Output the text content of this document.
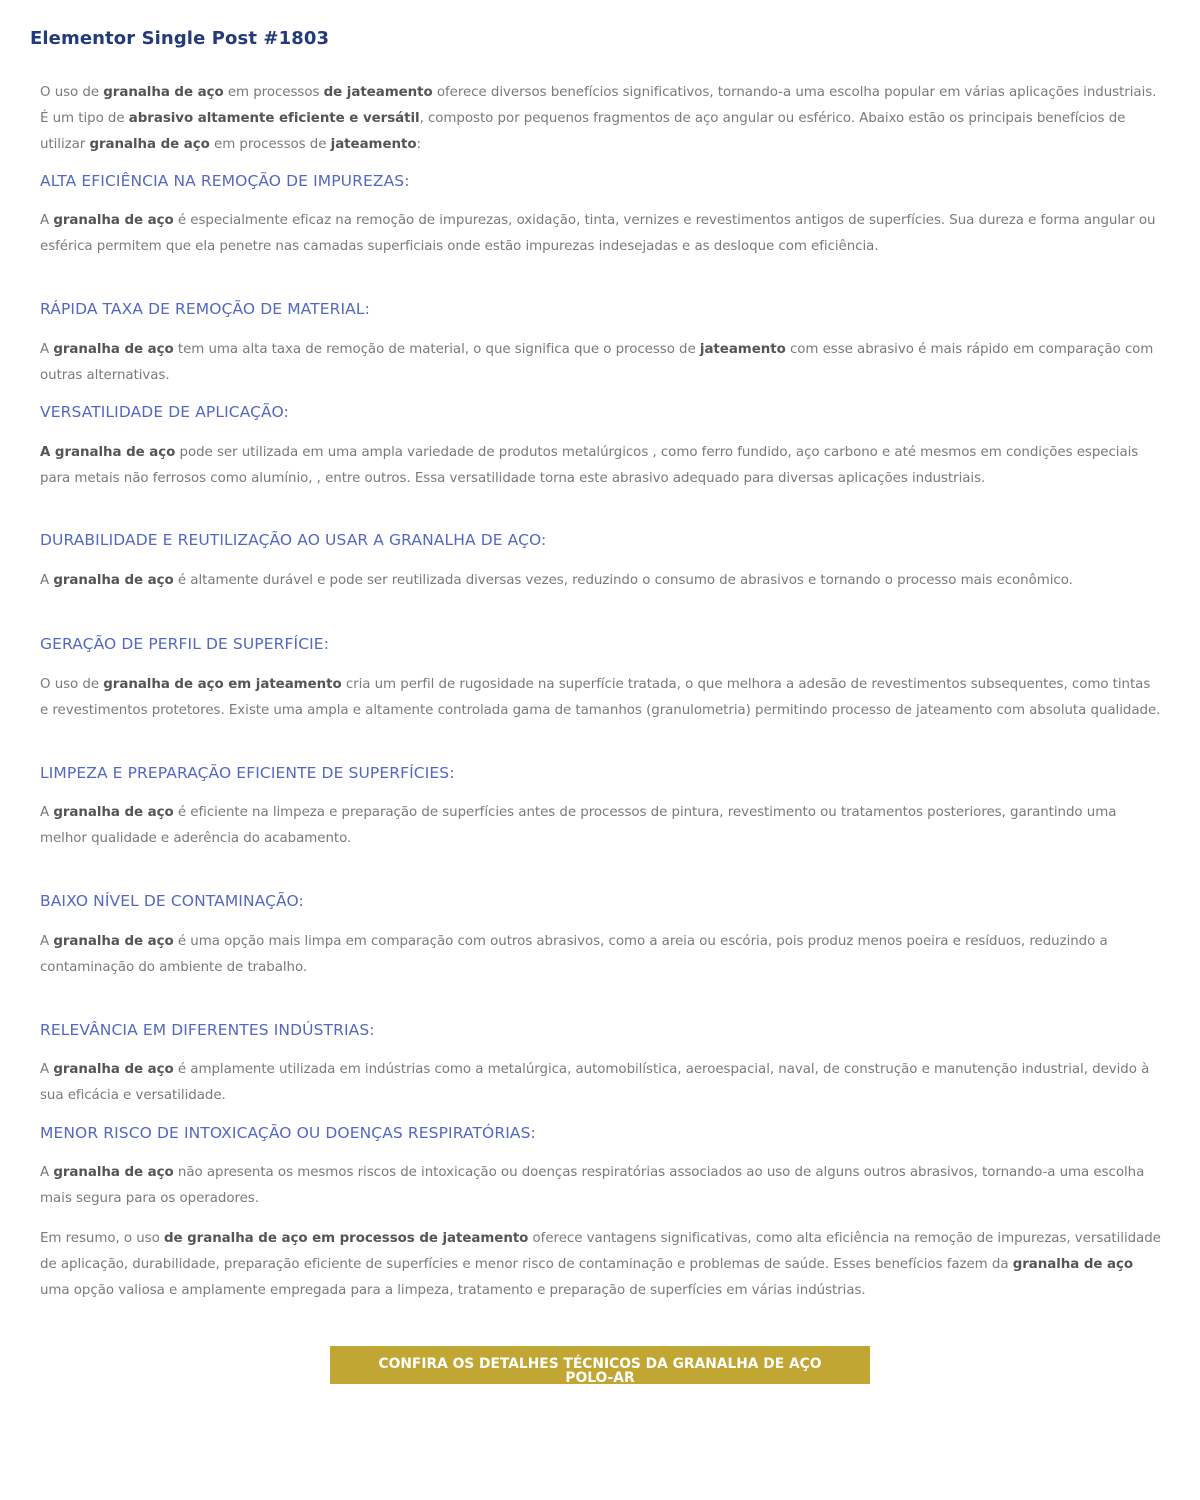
Elementor Single Post #1803

O uso de granalha de aço em processos de jateamento oferece diversos benefícios significativos, tornando-a uma escolha popular em várias aplicações industriais. É um tipo de abrasivo altamente eficiente e versátil, composto por pequenos fragmentos de aço angular ou esférico. Abaixo estão os principais benefícios de utilizar granalha de aço em processos de jateamento:

ALTA EFICIÊNCIA NA REMOÇÃO DE IMPUREZAS:

A granalha de aço é especialmente eficaz na remoção de impurezas, oxidação, tinta, vernizes e revestimentos antigos de superfícies. Sua dureza e forma angular ou esférica permitem que ela penetre nas camadas superficiais onde estão impurezas indesejadas e as desloque com eficiência.

RÁPIDA TAXA DE REMOÇÃO DE MATERIAL:

A granalha de aço tem uma alta taxa de remoção de material, o que significa que o processo de jateamento com esse abrasivo é mais rápido em comparação com outras alternativas.

VERSATILIDADE DE APLICAÇÃO:

A granalha de aço pode ser utilizada em uma ampla variedade de produtos metalúrgicos , como ferro fundido, aço carbono e até mesmos em condições especiais para metais não ferrosos como alumínio, , entre outros. Essa versatilidade torna este abrasivo adequado para diversas aplicações industriais.

DURABILIDADE E REUTILIZAÇÃO AO USAR A GRANALHA DE AÇO:

A granalha de aço é altamente durável e pode ser reutilizada diversas vezes, reduzindo o consumo de abrasivos e tornando o processo mais econômico.

GERAÇÃO DE PERFIL DE SUPERFÍCIE:

O uso de granalha de aço em jateamento cria um perfil de rugosidade na superfície tratada, o que melhora a adesão de revestimentos subsequentes, como tintas e revestimentos protetores. Existe uma ampla e altamente controlada gama de tamanhos (granulometria) permitindo processo de jateamento com absoluta qualidade.

LIMPEZA E PREPARAÇÃO EFICIENTE DE SUPERFÍCIES:

A granalha de aço é eficiente na limpeza e preparação de superfícies antes de processos de pintura, revestimento ou tratamentos posteriores, garantindo uma melhor qualidade e aderência do acabamento.

BAIXO NÍVEL DE CONTAMINAÇÃO:

A granalha de aço é uma opção mais limpa em comparação com outros abrasivos, como a areia ou escória, pois produz menos poeira e resíduos, reduzindo a contaminação do ambiente de trabalho.

RELEVÂNCIA EM DIFERENTES INDÚSTRIAS:

A granalha de aço é amplamente utilizada em indústrias como a metalúrgica, automobilística, aeroespacial, naval, de construção e manutenção industrial, devido à sua eficácia e versatilidade.

MENOR RISCO DE INTOXICAÇÃO OU DOENÇAS RESPIRATÓRIAS:

A granalha de aço não apresenta os mesmos riscos de intoxicação ou doenças respiratórias associados ao uso de alguns outros abrasivos, tornando-a uma escolha mais segura para os operadores.

Em resumo, o uso de granalha de aço em processos de jateamento oferece vantagens significativas, como alta eficiência na remoção de impurezas, versatilidade de aplicação, durabilidade, preparação eficiente de superfícies e menor risco de contaminação e problemas de saúde. Esses benefícios fazem da granalha de aço uma opção valiosa e amplamente empregada para a limpeza, tratamento e preparação de superfícies em várias indústrias.

CONFIRA OS DETALHES TÉCNICOS DA GRANALHA DE AÇO POLO-AR
